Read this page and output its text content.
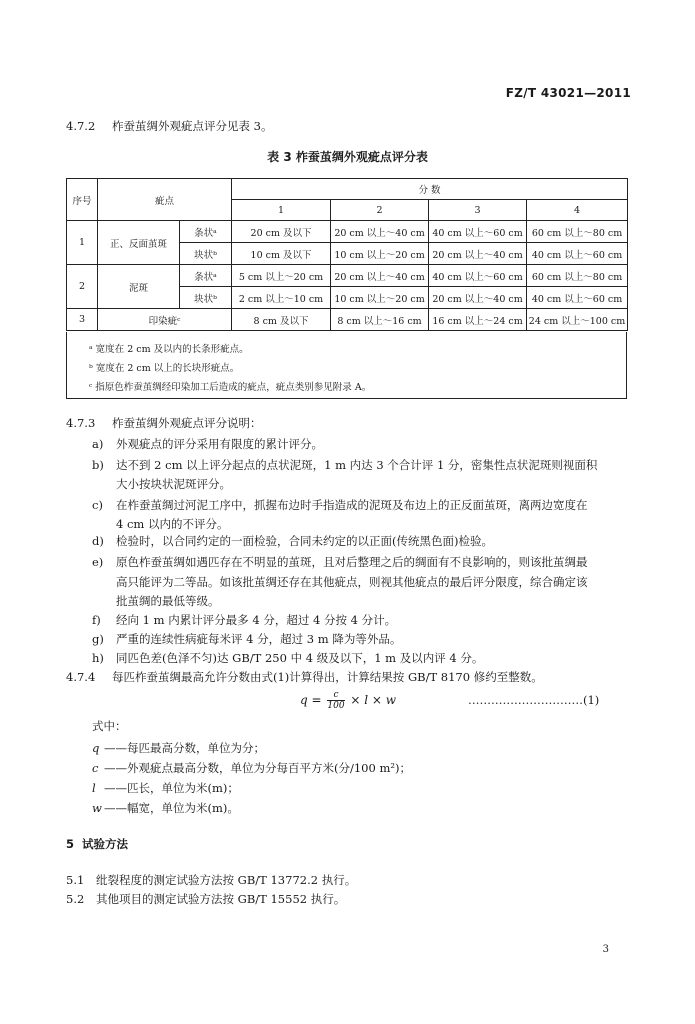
FZ/T 43021—2011
4.7.2 柞蚕茧绸外观疵点评分见表 3。
表 3 柞蚕茧绸外观疵点评分表
序号	疵点		分 数			
			1	2	3	4
1	正、反面茧斑	条状ᵃ	20 cm 及以下	20 cm 以上～40 cm	40 cm 以上～60 cm	60 cm 以上～80 cm
		块状ᵇ	10 cm 及以下	10 cm 以上～20 cm	20 cm 以上～40 cm	40 cm 以上～60 cm
2	泥斑	条状ᵃ	5 cm 以上～20 cm	20 cm 以上～40 cm	40 cm 以上～60 cm	60 cm 以上～80 cm
		块状ᵇ	2 cm 以上～10 cm	10 cm 以上～20 cm	20 cm 以上～40 cm	40 cm 以上～60 cm
3	印染疵ᶜ		8 cm 及以下	8 cm 以上～16 cm	16 cm 以上～24 cm	24 cm 以上～100 cm
ᵃ 宽度在 2 cm 及以内的长条形疵点。
ᵇ 宽度在 2 cm 以上的长块形疵点。
ᶜ 指原色柞蚕茧绸经印染加工后造成的疵点，疵点类别参见附录 A。
4.7.3 柞蚕茧绸外观疵点评分说明：
a) 外观疵点的评分采用有限度的累计评分。
b) 达不到 2 cm 以上评分起点的点状泥斑，1 m 内达 3 个合计评 1 分，密集性点状泥斑则视面积
大小按块状泥斑评分。
c) 在柞蚕茧绸过河泥工序中，抓握布边时手指造成的泥斑及布边上的正反面茧斑，离两边宽度在
4 cm 以内的不评分。
d) 检验时，以合同约定的一面检验，合同未约定的以正面(传统黑色面)检验。
e) 原色柞蚕茧绸如遇匹存在不明显的茧斑，且对后整理之后的绸面有不良影响的，则该批茧绸最
高只能评为二等品。如该批茧绸还存在其他疵点，则视其他疵点的最后评分限度，综合确定该
批茧绸的最低等级。
f) 经向 1 m 内累计评分最多 4 分，超过 4 分按 4 分计。
g) 严重的连续性病疵每米评 4 分，超过 3 m 降为等外品。
h) 同匹色差(色泽不匀)达 GB/T 250 中 4 级及以下，1 m 及以内评 4 分。
4.7.4 每匹柞蚕茧绸最高允许分数由式(1)计算得出，计算结果按 GB/T 8170 修约至整数。
$q = \frac{c}{100} \times l \times w$	…………………………(1)
式中：
q ——每匹最高分数，单位为分；
c ——外观疵点最高分数，单位为分每百平方米(分/100 m²)；
l ——匹长，单位为米(m)；
w ——幅宽，单位为米(m)。
5 试验方法
5.1 纰裂程度的测定试验方法按 GB/T 13772.2 执行。
5.2 其他项目的测定试验方法按 GB/T 15552 执行。
3
